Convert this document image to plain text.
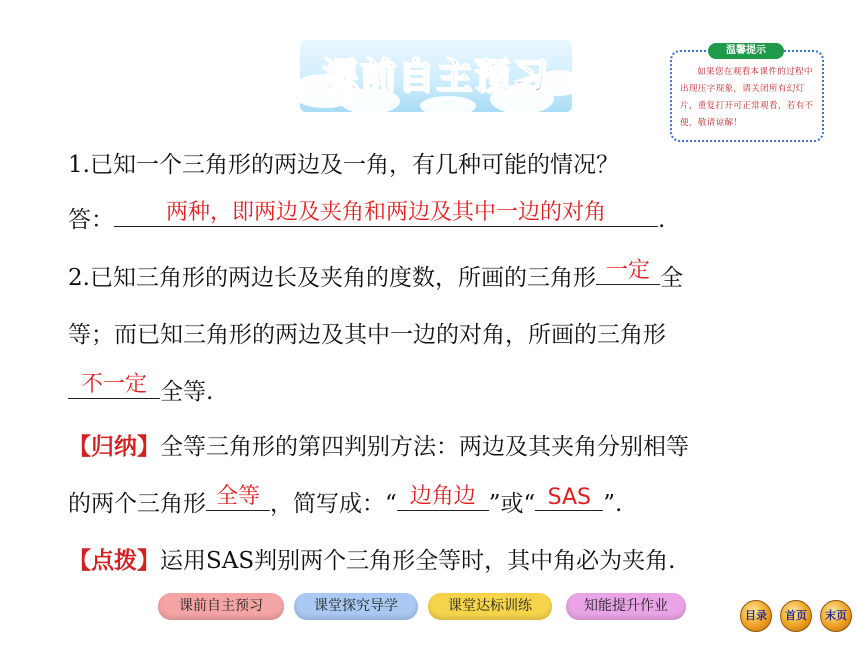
课前自主预习
温馨提示
如果您在观看本课件的过程中出现压字现象，请关闭所有幻灯片，重复打开可正常观看，若有不便，敬请谅解！
1.已知一个三角形的两边及一角，有几种可能的情况？
答：	两种，即两边及夹角和两边及其中一边的对角	.
2.已知三角形的两边长及夹角的度数，所画的三角形 一定 全
等；而已知三角形的两边及其中一边的对角，所画的三角形
不一定 全等.
【归纳】全等三角形的第四判别方法：两边及其夹角分别相等
的两个三角形 全等 ，简写成：“ 边角边 ”或“ SAS ”.
【点拨】运用SAS判别两个三角形全等时，其中角必为夹角.
课前自主预习	课堂探究导学	课堂达标训练	知能提升作业
目录	首页	末页
